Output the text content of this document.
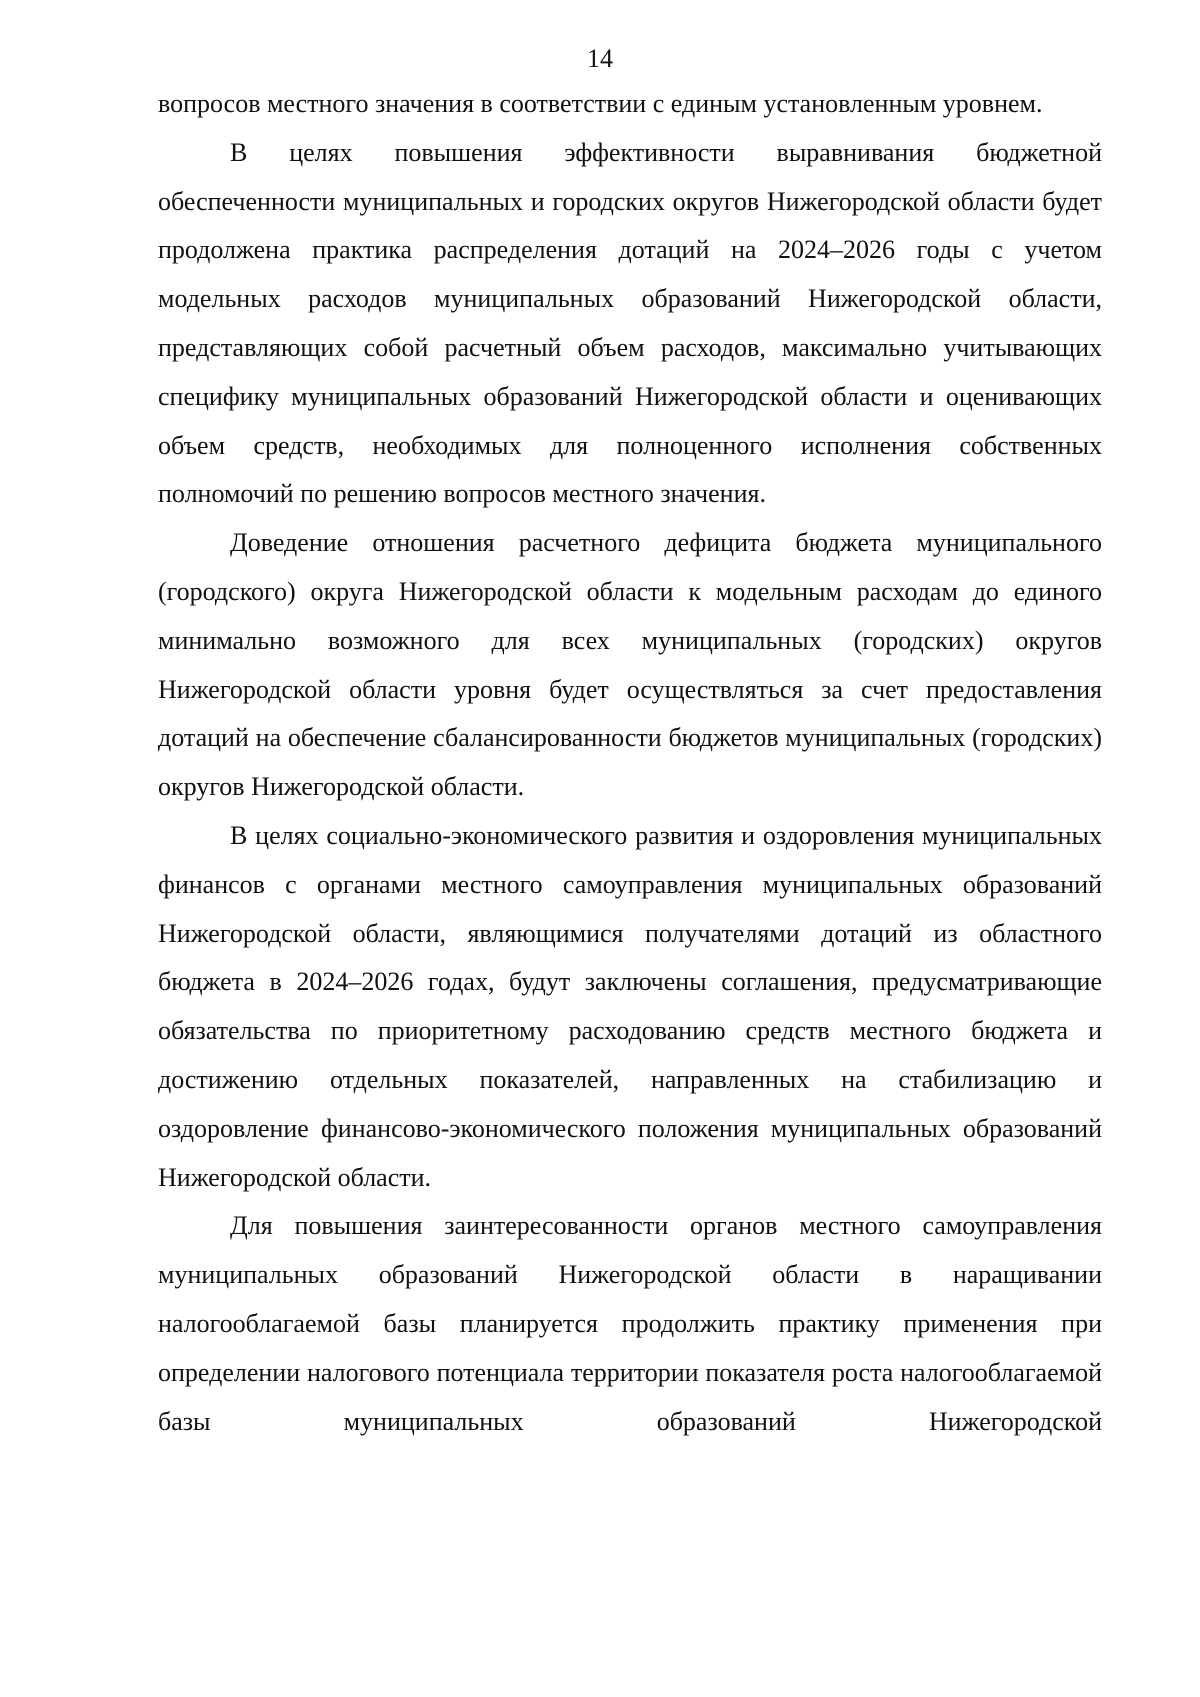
14

вопросов местного значения в соответствии с единым установленным уровнем.

В целях повышения эффективности выравнивания бюджетной обеспеченности муниципальных и городских округов Нижегородской области будет продолжена практика распределения дотаций на 2024–2026 годы с учетом модельных расходов муниципальных образований Нижегородской области, представляющих собой расчетный объем расходов, максимально учитывающих специфику муниципальных образований Нижегородской области и оценивающих объем средств, необходимых для полноценного исполнения собственных полномочий по решению вопросов местного значения.

Доведение отношения расчетного дефицита бюджета муниципального (городского) округа Нижегородской области к модельным расходам до единого минимально возможного для всех муниципальных (городских) округов Нижегородской области уровня будет осуществляться за счет предоставления дотаций на обеспечение сбалансированности бюджетов муниципальных (городских) округов Нижегородской области.

В целях социально-экономического развития и оздоровления муниципальных финансов с органами местного самоуправления муниципальных образований Нижегородской области, являющимися получателями дотаций из областного бюджета в 2024–2026 годах, будут заключены соглашения, предусматривающие обязательства по приоритетному расходованию средств местного бюджета и достижению отдельных показателей, направленных на стабилизацию и оздоровление финансово-экономического положения муниципальных образований Нижегородской области.

Для повышения заинтересованности органов местного самоуправления муниципальных образований Нижегородской области в наращивании налогооблагаемой базы планируется продолжить практику применения при определении налогового потенциала территории показателя роста налогооблагаемой базы муниципальных образований Нижегородской
